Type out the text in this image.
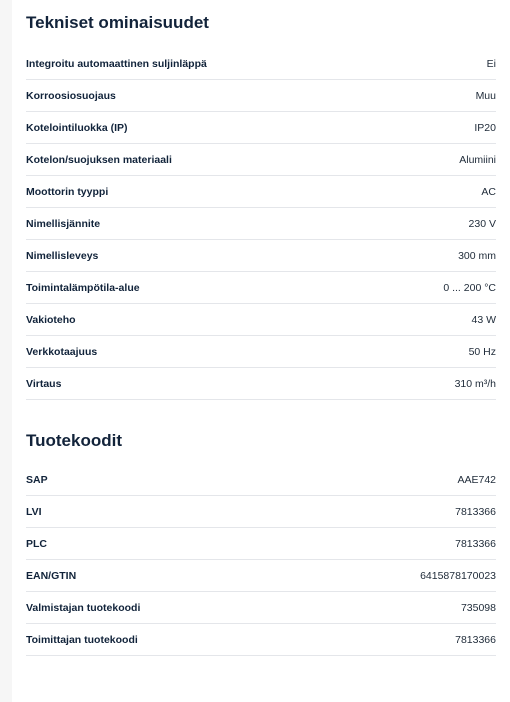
Tekniset ominaisuudet
Integroitu automaattinen suljinläppä	Ei
Korroosiosuojaus	Muu
Kotelointiluokka (IP)	IP20
Kotelon/suojuksen materiaali	Alumiini
Moottorin tyyppi	AC
Nimellisjännite	230 V
Nimellisleveys	300 mm
Toimintalämpötila-alue	0 ... 200 °C
Vakioteho	43 W
Verkkotaajuus	50 Hz
Virtaus	310 m³/h
Tuotekoodit
SAP	AAE742
LVI	7813366
PLC	7813366
EAN/GTIN	6415878170023
Valmistajan tuotekoodi	735098
Toimittajan tuotekoodi	7813366
